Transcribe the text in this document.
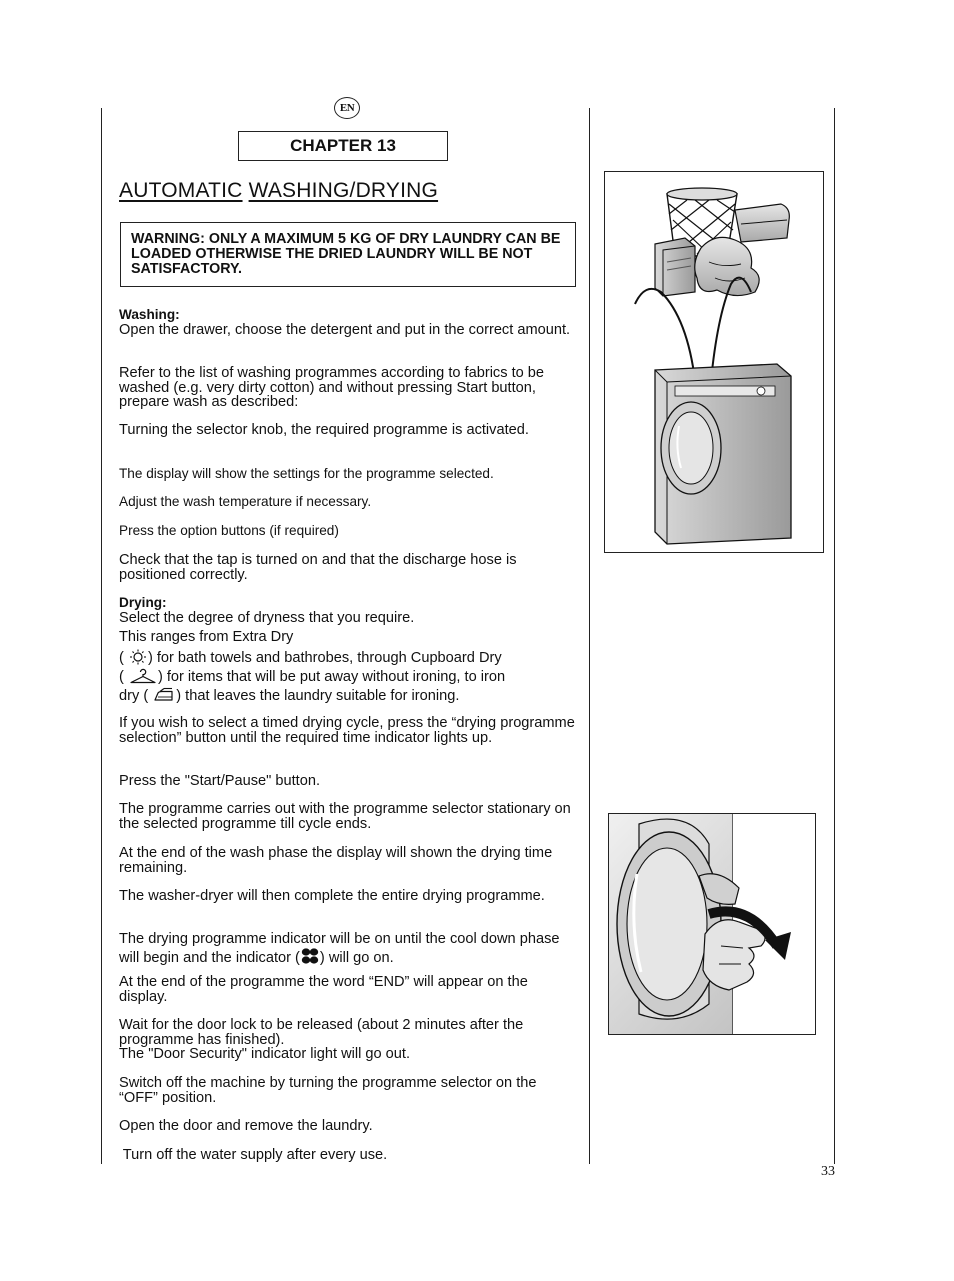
EN
CHAPTER 13
AUTOMATIC WASHING/DRYING
WARNING: ONLY A MAXIMUM 5 KG OF DRY LAUNDRY CAN BE LOADED OTHERWISE THE DRIED LAUNDRY WILL BE NOT SATISFACTORY.
Washing:
Open the drawer, choose the detergent and put in the correct amount.
Refer to the list of washing programmes according to fabrics to be washed (e.g. very dirty cotton) and without pressing Start button, prepare wash as described:
Turning the selector knob, the required programme is activated.
The display will show the settings for the programme selected.
Adjust the wash temperature if necessary.
Press the option buttons (if required)
Check that the tap is turned on and that the discharge hose is positioned correctly.
Drying:
Select the degree of dryness that you require.
This ranges from Extra Dry
( ) for bath towels and bathrobes, through Cupboard Dry
( ) for items that will be put away without ironing, to iron
dry ( ) that leaves the laundry suitable for ironing.
If you wish to select a timed drying cycle, press the “drying programme selection” button until the required time indicator lights up.
Press the "Start/Pause" button.
The programme carries out with the programme selector stationary on the selected programme till cycle ends.
At the end of the wash phase the display will shown the drying time remaining.
The washer-dryer will then complete the entire drying programme.
The drying programme indicator will be on until the cool down phase will begin and the indicator ( ) will go on.
At the end of the programme the word “END” will appear on the display.
Wait for the door lock to be released (about 2 minutes after the programme has finished).
The "Door Security" indicator light will go out.
Switch off the machine by turning the programme selector on the “OFF” position.
Open the door and remove the laundry.
Turn off the water supply after every use.
33
